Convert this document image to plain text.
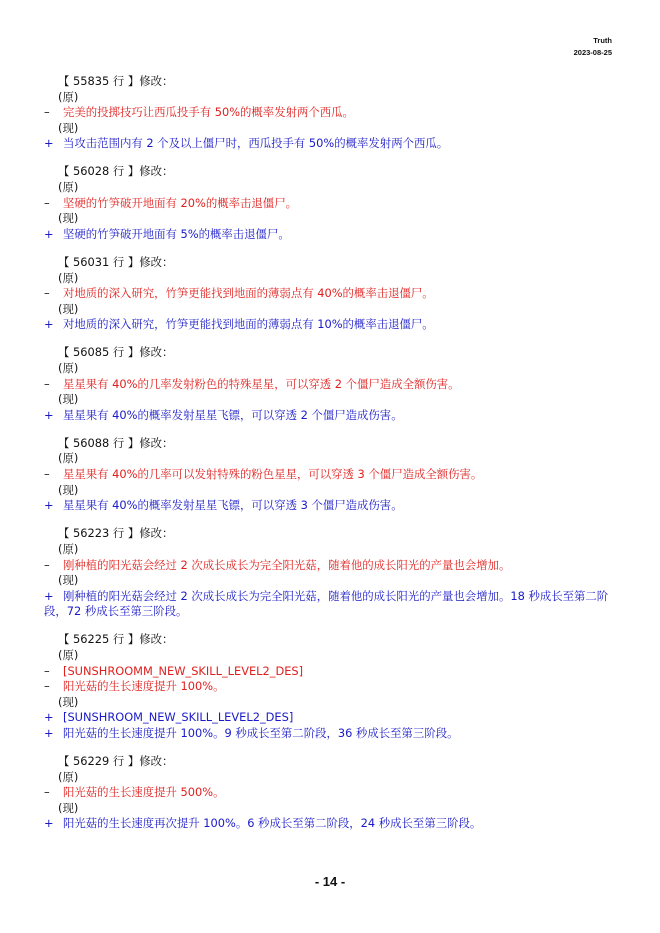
Truth
2023-08-25
【 55835 行 】修改：
(原)
– 完美的投掷技巧让西瓜投手有 50%的概率发射两个西瓜。
(现)
+ 当攻击范围内有 2 个及以上僵尸时，西瓜投手有 50%的概率发射两个西瓜。
【 56028 行 】修改：
(原)
– 坚硬的竹笋破开地面有 20%的概率击退僵尸。
(现)
+ 坚硬的竹笋破开地面有 5%的概率击退僵尸。
【 56031 行 】修改：
(原)
– 对地质的深入研究，竹笋更能找到地面的薄弱点有 40%的概率击退僵尸。
(现)
+ 对地质的深入研究，竹笋更能找到地面的薄弱点有 10%的概率击退僵尸。
【 56085 行 】修改：
(原)
– 星星果有 40%的几率发射粉色的特殊星星，可以穿透 2 个僵尸造成全额伤害。
(现)
+ 星星果有 40%的概率发射星星飞镖，可以穿透 2 个僵尸造成伤害。
【 56088 行 】修改：
(原)
– 星星果有 40%的几率可以发射特殊的粉色星星，可以穿透 3 个僵尸造成全额伤害。
(现)
+ 星星果有 40%的概率发射星星飞镖，可以穿透 3 个僵尸造成伤害。
【 56223 行 】修改：
(原)
– 刚种植的阳光菇会经过 2 次成长成长为完全阳光菇，随着他的成长阳光的产量也会增加。
(现)
+ 刚种植的阳光菇会经过 2 次成长成长为完全阳光菇，随着他的成长阳光的产量也会增加。18 秒成长至第二阶段，72 秒成长至第三阶段。
【 56225 行 】修改：
(原)
– [SUNSHROOMM_NEW_SKILL_LEVEL2_DES]
– 阳光菇的生长速度提升 100%。
(现)
+ [SUNSHROOM_NEW_SKILL_LEVEL2_DES]
+ 阳光菇的生长速度提升 100%。9 秒成长至第二阶段，36 秒成长至第三阶段。
【 56229 行 】修改：
(原)
– 阳光菇的生长速度提升 500%。
(现)
+ 阳光菇的生长速度再次提升 100%。6 秒成长至第二阶段，24 秒成长至第三阶段。
- 14 -
